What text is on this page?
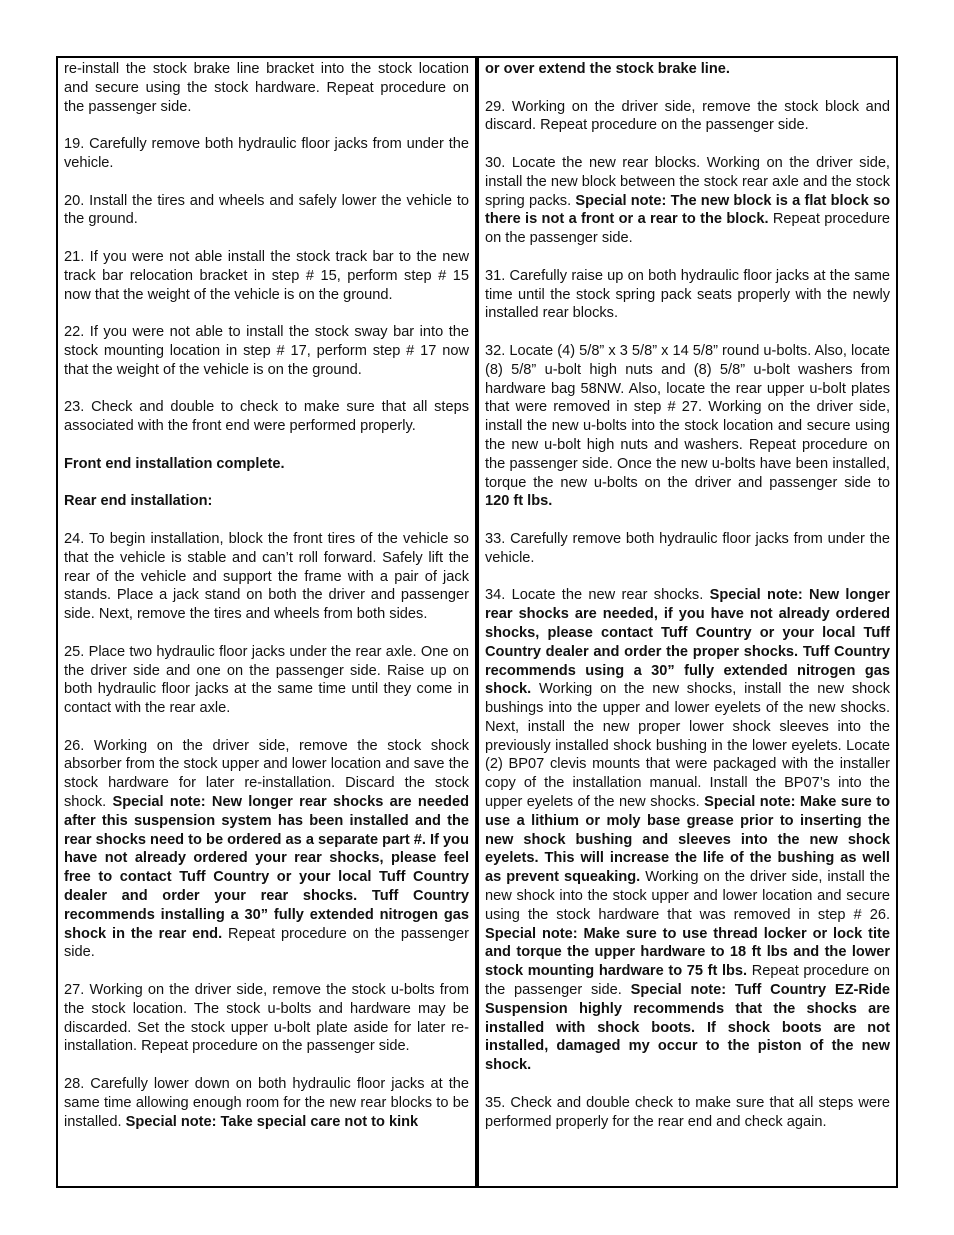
re-install the stock brake line bracket into the stock location and secure using the stock hardware. Repeat procedure on the passenger side.

19. Carefully remove both hydraulic floor jacks from under the vehicle.

20. Install the tires and wheels and safely lower the vehicle to the ground.

21. If you were not able install the stock track bar to the new track bar relocation bracket in step # 15, perform step # 15 now that the weight of the vehicle is on the ground.

22. If you were not able to install the stock sway bar into the stock mounting location in step # 17, perform step # 17 now that the weight of the vehicle is on the ground.

23. Check and double to check to make sure that all steps associated with the front end were performed properly.

Front end installation complete.

Rear end installation:

24. To begin installation, block the front tires of the vehicle so that the vehicle is stable and can’t roll forward. Safely lift the rear of the vehicle and support the frame with a pair of jack stands. Place a jack stand on both the driver and passenger side. Next, remove the tires and wheels from both sides.

25. Place two hydraulic floor jacks under the rear axle. One on the driver side and one on the passenger side. Raise up on both hydraulic floor jacks at the same time until they come in contact with the rear axle.

26. Working on the driver side, remove the stock shock absorber from the stock upper and lower location and save the stock hardware for later re-installation. Discard the stock shock. Special note: New longer rear shocks are needed after this suspension system has been installed and the rear shocks need to be ordered as a separate part #. If you have not already ordered your rear shocks, please feel free to contact Tuff Country or your local Tuff Country dealer and order your rear shocks. Tuff Country recommends installing a 30” fully extended nitrogen gas shock in the rear end. Repeat procedure on the passenger side.

27. Working on the driver side, remove the stock u-bolts from the stock location. The stock u-bolts and hardware may be discarded. Set the stock upper u-bolt plate aside for later re-installation. Repeat procedure on the passenger side.

28. Carefully lower down on both hydraulic floor jacks at the same time allowing enough room for the new rear blocks to be installed. Special note: Take special care not to kink

or over extend the stock brake line.

29. Working on the driver side, remove the stock block and discard. Repeat procedure on the passenger side.

30. Locate the new rear blocks. Working on the driver side, install the new block between the stock rear axle and the stock spring packs. Special note: The new block is a flat block so there is not a front or a rear to the block. Repeat procedure on the passenger side.

31. Carefully raise up on both hydraulic floor jacks at the same time until the stock spring pack seats properly with the newly installed rear blocks.

32. Locate (4) 5/8” x 3 5/8” x 14 5/8” round u-bolts. Also, locate (8) 5/8” u-bolt high nuts and (8) 5/8” u-bolt washers from hardware bag 58NW. Also, locate the rear upper u-bolt plates that were removed in step # 27. Working on the driver side, install the new u-bolts into the stock location and secure using the new u-bolt high nuts and washers. Repeat procedure on the passenger side. Once the new u-bolts have been installed, torque the new u-bolts on the driver and passenger side to 120 ft lbs.

33. Carefully remove both hydraulic floor jacks from under the vehicle.

34. Locate the new rear shocks. Special note: New longer rear shocks are needed, if you have not already ordered shocks, please contact Tuff Country or your local Tuff Country dealer and order the proper shocks. Tuff Country recommends using a 30” fully extended nitrogen gas shock. Working on the new shocks, install the new shock bushings into the upper and lower eyelets of the new shocks. Next, install the new proper lower shock sleeves into the previously installed shock bushing in the lower eyelets. Locate (2) BP07 clevis mounts that were packaged with the installer copy of the installation manual. Install the BP07’s into the upper eyelets of the new shocks. Special note: Make sure to use a lithium or moly base grease prior to inserting the new shock bushing and sleeves into the new shock eyelets. This will increase the life of the bushing as well as prevent squeaking. Working on the driver side, install the new shock into the stock upper and lower location and secure using the stock hardware that was removed in step # 26. Special note: Make sure to use thread locker or lock tite and torque the upper hardware to 18 ft lbs and the lower stock mounting hardware to 75 ft lbs. Repeat procedure on the passenger side. Special note: Tuff Country EZ-Ride Suspension highly recommends that the shocks are installed with shock boots. If shock boots are not installed, damaged my occur to the piston of the new shock.

35. Check and double check to make sure that all steps were performed properly for the rear end and check again.
